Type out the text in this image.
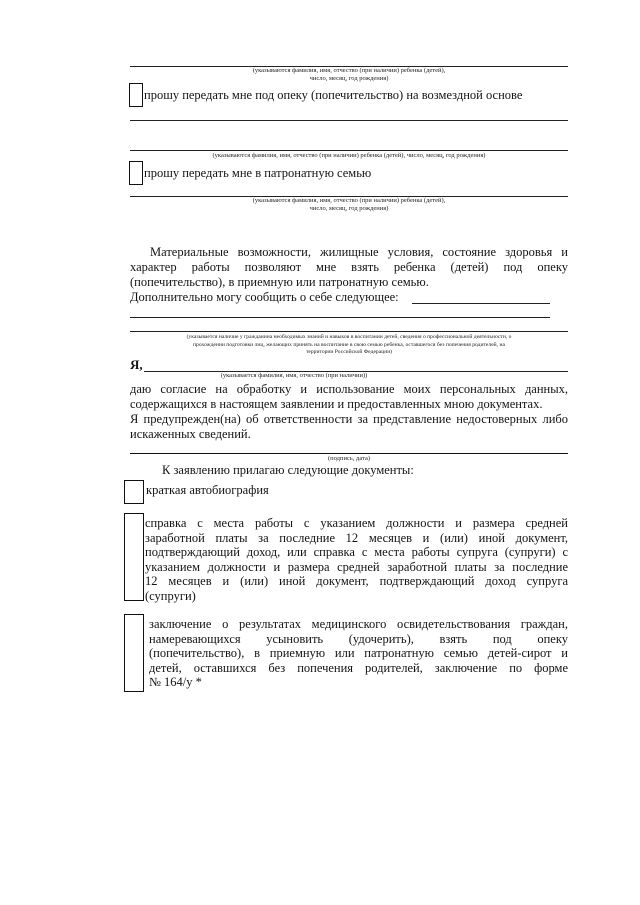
(указываются фамилия, имя, отчество (при наличии) ребенка (детей),
число, месяц, год рождения)
прошу передать мне под опеку (попечительство) на возмездной основе
(указываются фамилия, имя, отчество (при наличии) ребенка (детей), число, месяц, год рождения)
прошу передать мне в патронатную семью
(указываются фамилия, имя, отчество (при наличии) ребенка (детей),
число, месяц, год рождения)
Материальные возможности, жилищные условия, состояние здоровья и
характер работы позволяют мне взять ребенка (детей) под опеку
(попечительство), в приемную или патронатную семью.
Дополнительно могу сообщить о себе следующее:
(указывается наличие у гражданина необходимых знаний и навыков в воспитании детей, сведения о профессиональной деятельности, о
прохождении подготовки лиц, желающих принять на воспитание в свою семью ребенка, оставшегося без попечения родителей, на
территории Российской Федерации)
Я,
(указывается фамилия, имя, отчество (при наличии))
даю согласие на обработку и использование моих персональных данных,
содержащихся в настоящем заявлении и предоставленных мною документах.
Я предупрежден(на) об ответственности за представление недостоверных либо
искаженных сведений.
(подпись, дата)
К заявлению прилагаю следующие документы:
краткая автобиография
справка с места работы с указанием должности и размера средней
заработной платы за последние 12 месяцев и (или) иной документ,
подтверждающий доход, или справка с места работы супруга (супруги) с
указанием должности и размера средней заработной платы за последние
12 месяцев и (или) иной документ, подтверждающий доход супруга
(супруги)
заключение о результатах медицинского освидетельствования граждан,
намеревающихся усыновить (удочерить), взять под опеку
(попечительство), в приемную или патронатную семью детей-сирот и
детей, оставшихся без попечения родителей, заключение по форме
№ 164/у *
